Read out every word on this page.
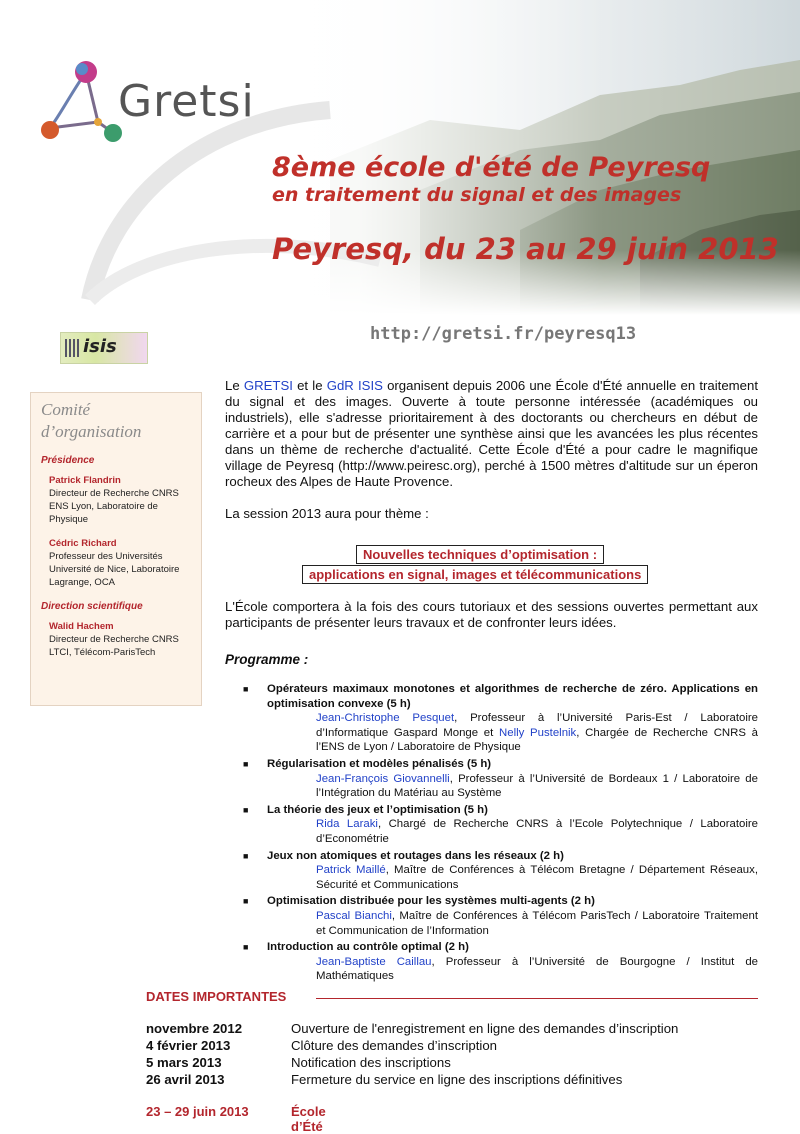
Gretsi
8ème école d'été de Peyresq
en traitement du signal et des images
Peyresq, du 23 au 29 juin 2013
isis
http://gretsi.fr/peyresq13
Comité
d’organisation
Présidence
Patrick Flandrin
Directeur de Recherche CNRS
ENS Lyon, Laboratoire de Physique
Cédric Richard
Professeur des Universités
Université de Nice, Laboratoire
Lagrange, OCA
Direction scientifique
Walid Hachem
Directeur de Recherche CNRS
LTCI, Télécom-ParisTech

Le GRETSI et le GdR ISIS organisent depuis 2006 une École d'Été annuelle en traitement du signal et des images. Ouverte à toute personne intéressée (académiques ou industriels), elle s'adresse prioritairement à des doctorants ou chercheurs en début de carrière et a pour but de présenter une synthèse ainsi que les avancées les plus récentes dans un thème de recherche d'actualité. Cette École d'Été a pour cadre le magnifique village de Peyresq (http://www.peiresc.org), perché à 1500 mètres d'altitude sur un éperon rocheux des Alpes de Haute Provence.

La session 2013 aura pour thème :

Nouvelles techniques d’optimisation :
applications en signal, images et télécommunications

L'École comportera à la fois des cours tutoriaux et des sessions ouvertes permettant aux participants de présenter leurs travaux et de confronter leurs idées.

Programme :
■ Opérateurs maximaux monotones et algorithmes de recherche de zéro. Applications en optimisation convexe (5 h)
Jean-Christophe Pesquet, Professeur à l’Université Paris-Est / Laboratoire d’Informatique Gaspard Monge et Nelly Pustelnik, Chargée de Recherche CNRS à l’ENS de Lyon / Laboratoire de Physique
■ Régularisation et modèles pénalisés (5 h)
Jean-François Giovannelli, Professeur à l’Université de Bordeaux 1 / Laboratoire de l’Intégration du Matériau au Système
■ La théorie des jeux et l’optimisation (5 h)
Rida Laraki, Chargé de Recherche CNRS à l’Ecole Polytechnique / Laboratoire d’Econométrie
■ Jeux non atomiques et routages dans les réseaux (2 h)
Patrick Maillé, Maître de Conférences à Télécom Bretagne / Département Réseaux, Sécurité et Communications
■ Optimisation distribuée pour les systèmes multi-agents (2 h)
Pascal Bianchi, Maître de Conférences à Télécom ParisTech / Laboratoire Traitement et Communication de l’Information
■ Introduction au contrôle optimal (2 h)
Jean-Baptiste Caillau, Professeur à l’Université de Bourgogne / Institut de Mathématiques
DATES IMPORTANTES
novembre 2012	Ouverture de l'enregistrement en ligne des demandes d’inscription
4 février 2013	Clôture des demandes d’inscription
5 mars 2013	Notification des inscriptions
26 avril 2013	Fermeture du service en ligne des inscriptions définitives
23 – 29 juin 2013	École d’Été
